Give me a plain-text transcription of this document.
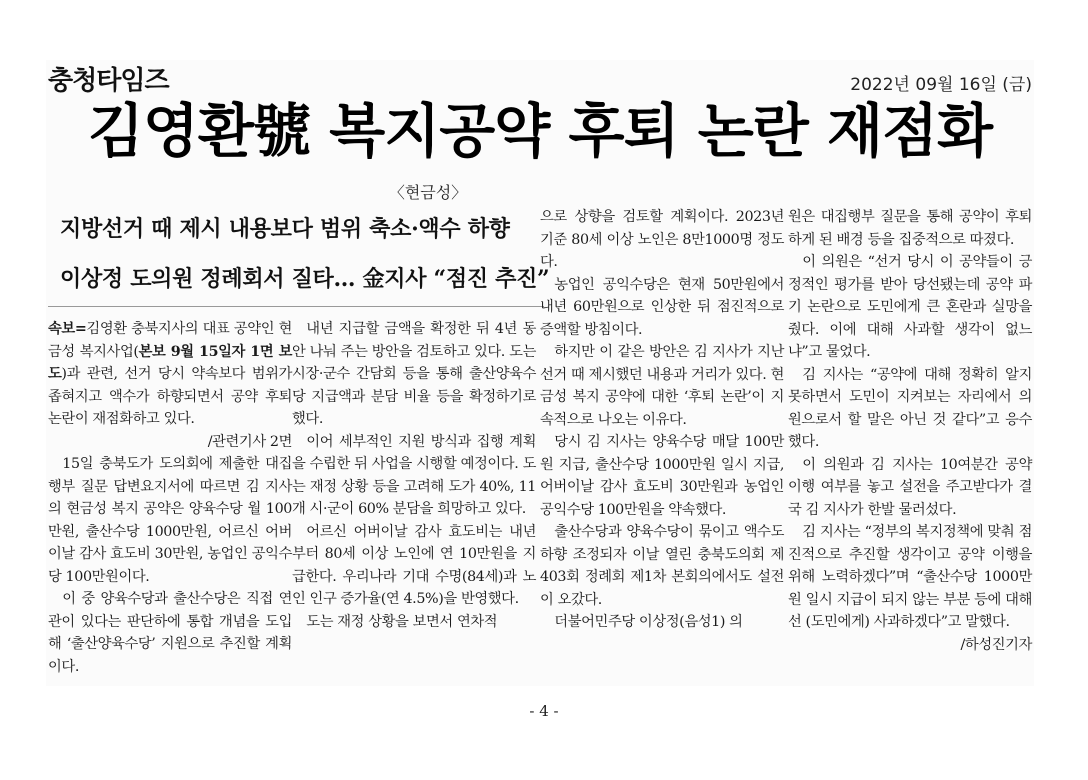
충청타임즈	2022년 09월 16일 (금)
김영환號 복지공약 후퇴 논란 재점화
〈현금성〉
지방선거 때 제시 내용보다 범위 축소·액수 하향
이상정 도의원 정례회서 질타… 金지사 “점진 추진”

속보=김영환 충북지사의 대표 공약인 현금성 복지사업(본보 9월 15일자 1면 보도)과 관련, 선거 당시 약속보다 범위가 좁혀지고 액수가 하향되면서 공약 후퇴 논란이 재점화하고 있다.
/관련기사 2면

15일 충북도가 도의회에 제출한 대집행부 질문 답변요지서에 따르면 김 지사의 현금성 복지 공약은 양육수당 월 100만원, 출산수당 1000만원, 어르신 어버이날 감사 효도비 30만원, 농업인 공익수당 100만원이다.

이 중 양육수당과 출산수당은 직접 연관이 있다는 판단하에 통합 개념을 도입해 ‘출산양육수당’ 지원으로 추진할 계획이다.

내년 지급할 금액을 확정한 뒤 4년 동안 나눠 주는 방안을 검토하고 있다. 도는 시장·군수 간담회 등을 통해 출산양육수당 지급액과 분담 비율 등을 확정하기로 했다.

이어 세부적인 지원 방식과 집행 계획을 수립한 뒤 사업을 시행할 예정이다. 도는 재정 상황 등을 고려해 도가 40%, 11개 시·군이 60% 분담을 희망하고 있다.

어르신 어버이날 감사 효도비는 내년부터 80세 이상 노인에 연 10만원을 지급한다. 우리나라 기대 수명(84세)과 노인 인구 증가율(연 4.5%)을 반영했다.

도는 재정 상황을 보면서 연차적

으로 상향을 검토할 계획이다. 2023년 기준 80세 이상 노인은 8만1000명 정도다.

농업인 공익수당은 현재 50만원에서 내년 60만원으로 인상한 뒤 점진적으로 증액할 방침이다.

하지만 이 같은 방안은 김 지사가 지난 선거 때 제시했던 내용과 거리가 있다. 현금성 복지 공약에 대한 ‘후퇴 논란’이 지속적으로 나오는 이유다.

당시 김 지사는 양육수당 매달 100만원 지급, 출산수당 1000만원 일시 지급, 어버이날 감사 효도비 30만원과 농업인 공익수당 100만원을 약속했다.

출산수당과 양육수당이 묶이고 액수도 하향 조정되자 이날 열린 충북도의회 제403회 정례회 제1차 본회의에서도 설전이 오갔다.

더불어민주당 이상정(음성1) 의

원은 대집행부 질문을 통해 공약이 후퇴하게 된 배경 등을 집중적으로 따졌다.

이 의원은 “선거 당시 이 공약들이 긍정적인 평가를 받아 당선됐는데 공약 파기 논란으로 도민에게 큰 혼란과 실망을 줬다. 이에 대해 사과할 생각이 없느냐”고 물었다.

김 지사는 “공약에 대해 정확히 알지 못하면서 도민이 지켜보는 자리에서 의원으로서 할 말은 아닌 것 같다”고 응수했다.

이 의원과 김 지사는 10여분간 공약 이행 여부를 놓고 설전을 주고받다가 결국 김 지사가 한발 물러섰다.

김 지사는 “정부의 복지정책에 맞춰 점진적으로 추진할 생각이고 공약 이행을 위해 노력하겠다”며 “출산수당 1000만원 일시 지급이 되지 않는 부분 등에 대해선 (도민에게) 사과하겠다”고 말했다.

/하성진기자

- 4 -
